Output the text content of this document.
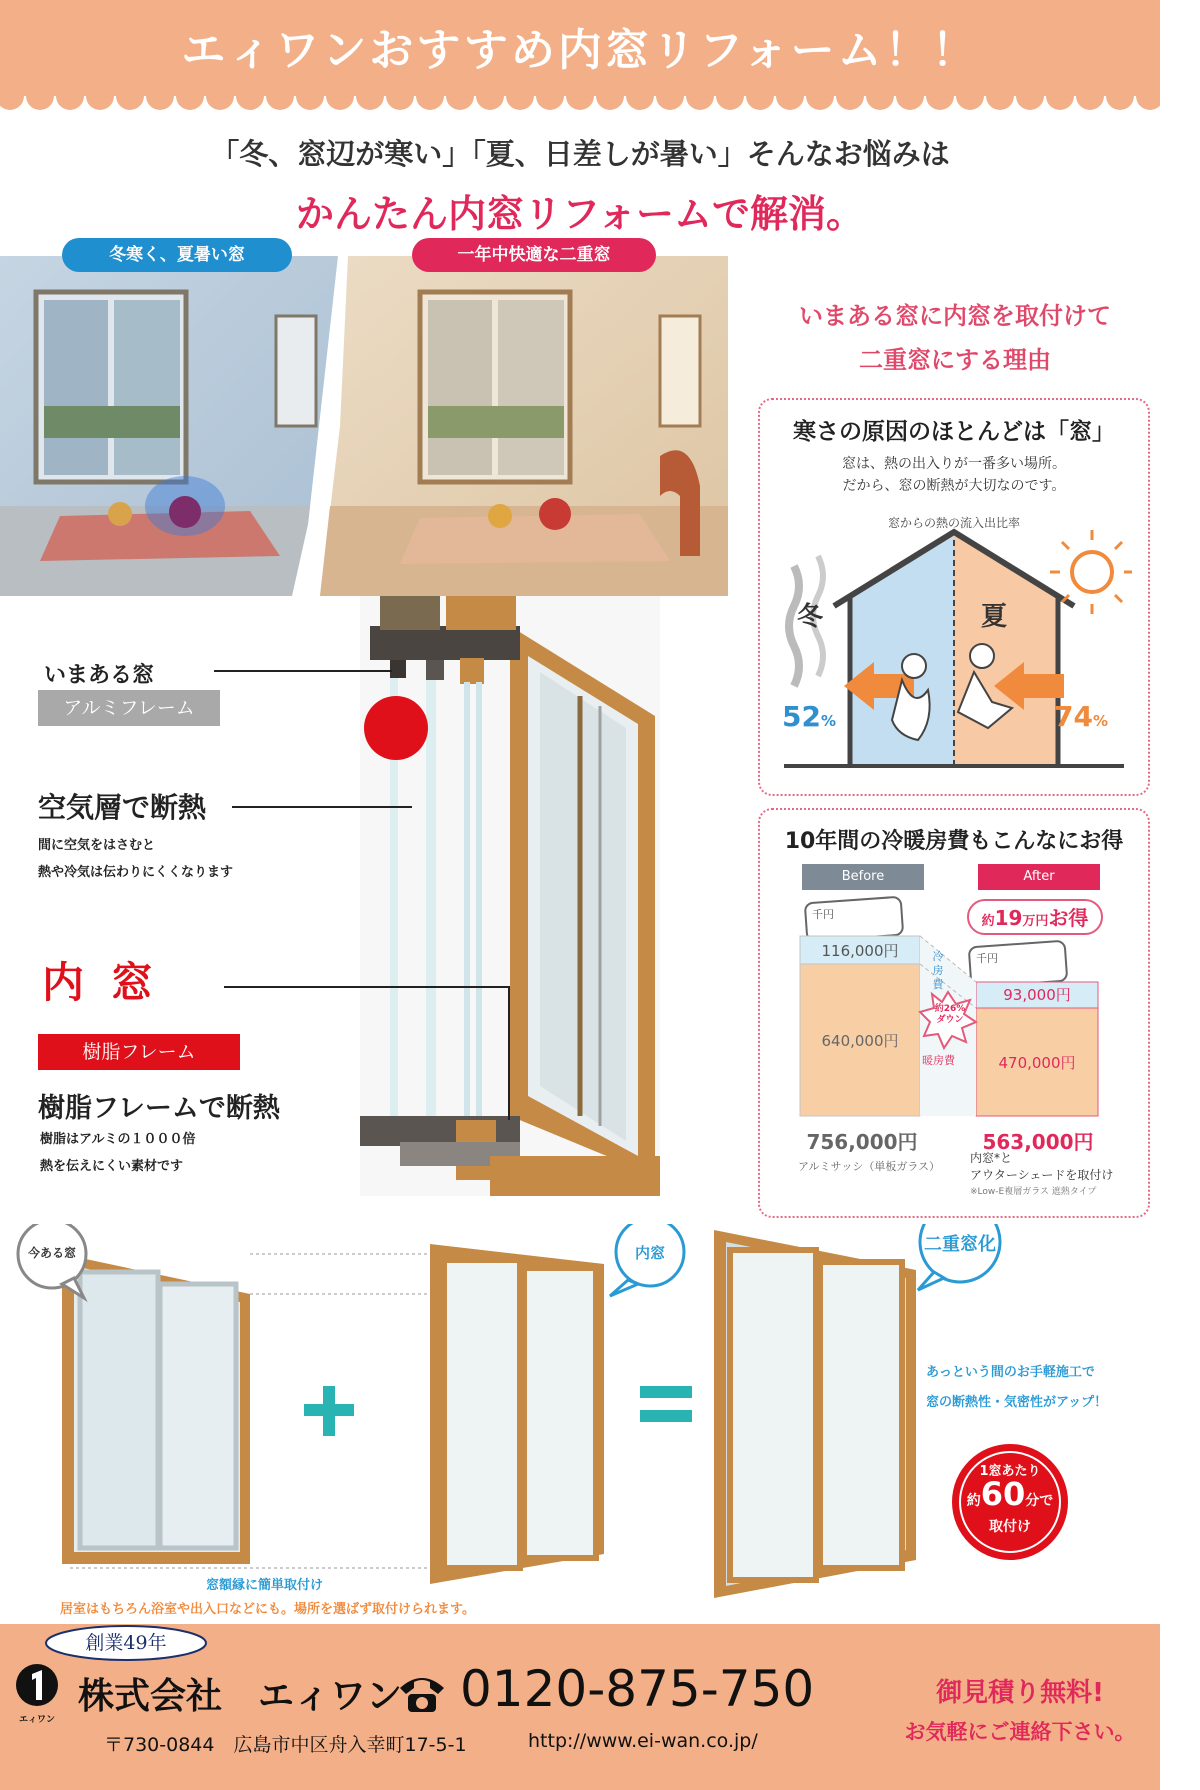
エィワンおすすめ内窓リフォーム！！
「冬、窓辺が寒い」「夏、日差しが暑い」そんなお悩みは
かんたん内窓リフォームで解消。
冬寒く、夏暑い窓	一年中快適な二重窓
いまある窓に内窓を取付けて
二重窓にする理由
寒さの原因のほとんどは「窓」
窓は、熱の出入りが一番多い場所。
だから、窓の断熱が大切なのです。
窓からの熱の流入出比率
冬	夏
52%	74%
10年間の冷暖房費もこんなにお得
Before	After
116,000円
640,000円
93,000円
470,000円
756,000円	563,000円
アルミサッシ（単板ガラス）
内窓*と
アウターシェードを取付け
※Low-E複層ガラス 遮熱タイプ
約19万円お得
冷房費
暖房費
約26%
ダウン
千円
千円
いまある窓
アルミフレーム
空気層で断熱
間に空気をはさむと
熱や冷気は伝わりにくくなります
内 窓
樹脂フレーム
樹脂フレームで断熱
樹脂はアルミの１０００倍
熱を伝えにくい素材です
今ある窓	内窓	二重窓化
窓額縁に簡単取付け
居室はもちろん浴室や出入口などにも。場所を選ばず取付けられます。
あっという間のお手軽施工で
窓の断熱性・気密性がアップ！
1窓あたり
約60分で
取付け
創業49年
エィワン
株式会社　エィワン 0120-875-750
〒730-0844　広島市中区舟入幸町17-5-1	http://www.ei-wan.co.jp/
御見積り無料!
お気軽にご連絡下さい。
